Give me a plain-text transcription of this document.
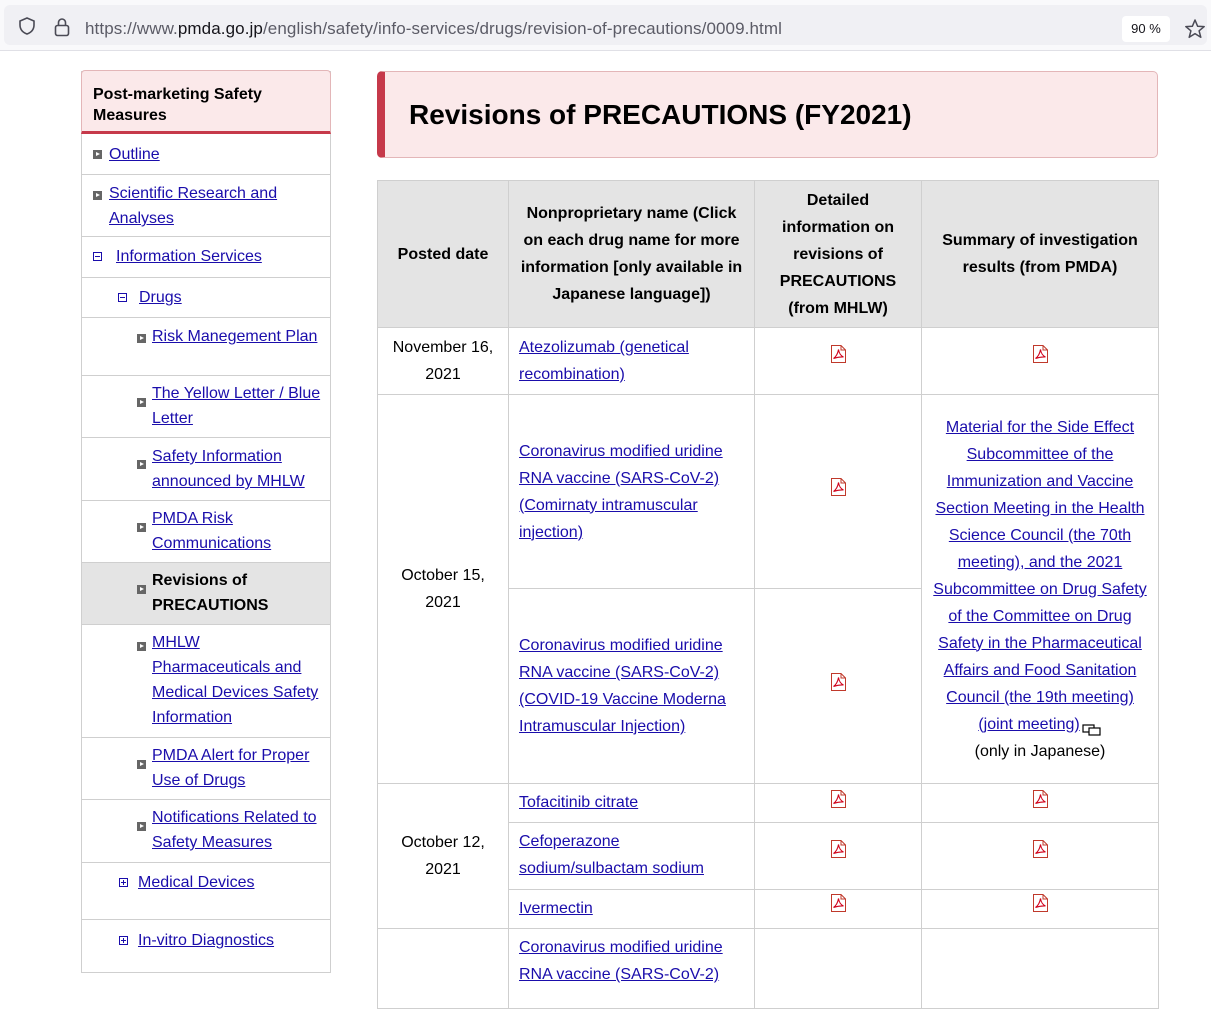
https://www.pmda.go.jp/english/safety/info-services/drugs/revision-of-precautions/0009.html	90 %
Post-marketing Safety Measures
Outline
Scientific Research and Analyses
Information Services
Drugs
Risk Manegement Plan
The Yellow Letter / Blue Letter
Safety Information announced by MHLW
PMDA Risk Communications
Revisions of PRECAUTIONS
MHLW Pharmaceuticals and Medical Devices Safety Information
PMDA Alert for Proper Use of Drugs
Notifications Related to Safety Measures
Medical Devices
In-vitro Diagnostics
Revisions of PRECAUTIONS (FY2021)
Posted date	Nonproprietary name (Click on each drug name for more information [only available in Japanese language])	Detailed information on revisions of PRECAUTIONS (from MHLW)	Summary of investigation results (from PMDA)
November 16, 2021	Atezolizumab (genetical recombination)		
October 15, 2021	Coronavirus modified uridine RNA vaccine (SARS-CoV-2) (Comirnaty intramuscular injection)		Material for the Side Effect Subcommittee of the Immunization and Vaccine Section Meeting in the Health Science Council (the 70th meeting), and the 2021 Subcommittee on Drug Safety of the Committee on Drug Safety in the Pharmaceutical Affairs and Food Sanitation Council (the 19th meeting) (joint meeting)
(only in Japanese)
	Coronavirus modified uridine RNA vaccine (SARS-CoV-2) (COVID-19 Vaccine Moderna Intramuscular Injection)	
October 12, 2021	Tofacitinib citrate		
	Cefoperazone sodium/sulbactam sodium		
	Ivermectin		
	Coronavirus modified uridine RNA vaccine (SARS-CoV-2)		
